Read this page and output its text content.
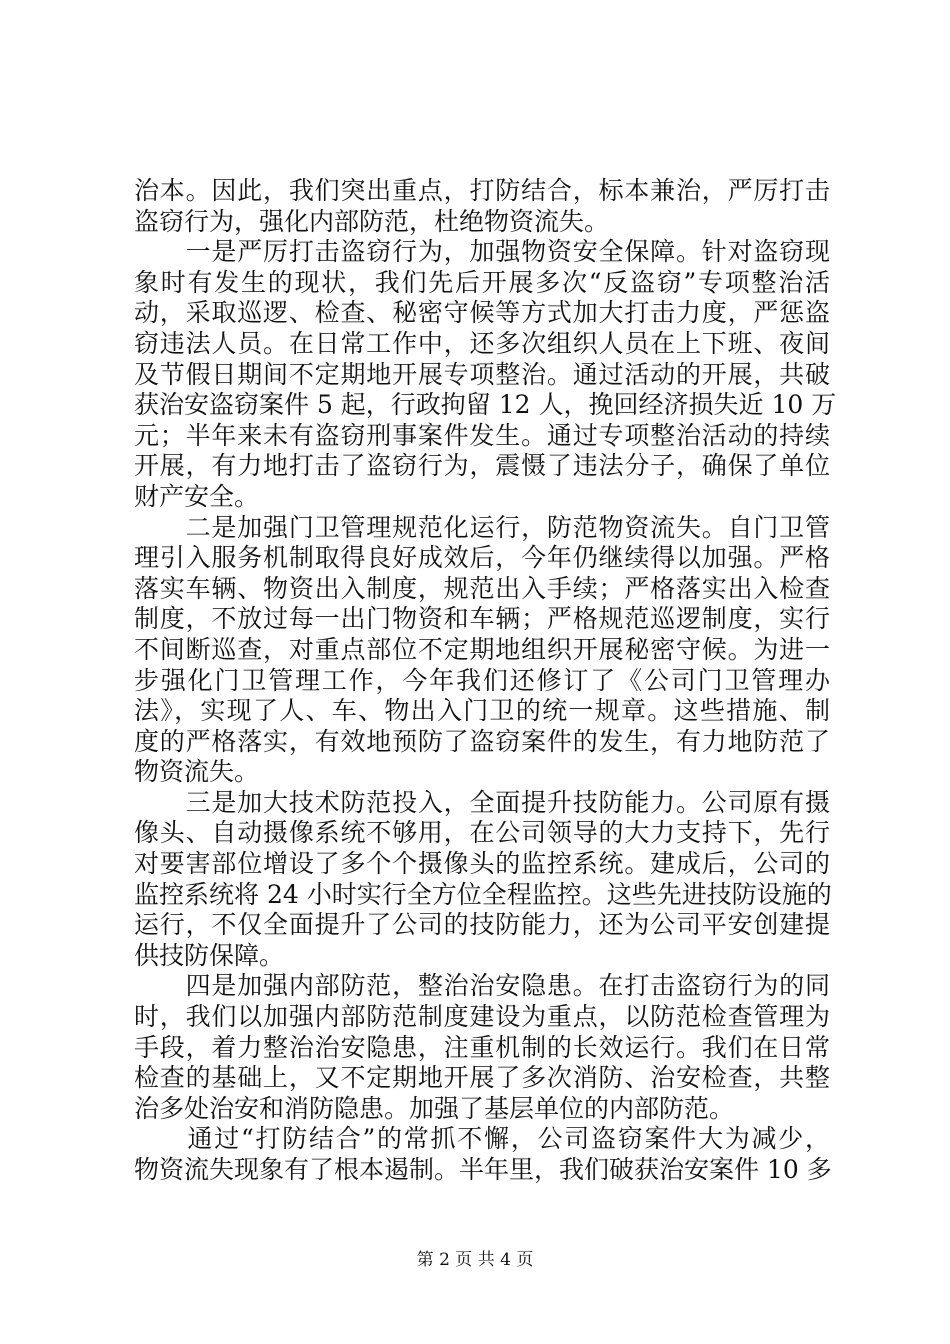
治本。因此，我们突出重点，打防结合，标本兼治，严厉打击
盗窃行为，强化内部防范，杜绝物资流失。
　　一是严厉打击盗窃行为，加强物资安全保障。针对盗窃现
象时有发生的现状，我们先后开展多次“反盗窃”专项整治活
动，采取巡逻、检查、秘密守候等方式加大打击力度，严惩盗
窃违法人员。在日常工作中，还多次组织人员在上下班、夜间
及节假日期间不定期地开展专项整治。通过活动的开展，共破
获治安盗窃案件 5 起，行政拘留 12 人，挽回经济损失近 10 万
元；半年来未有盗窃刑事案件发生。通过专项整治活动的持续
开展，有力地打击了盗窃行为，震慑了违法分子，确保了单位
财产安全。
　　二是加强门卫管理规范化运行，防范物资流失。自门卫管
理引入服务机制取得良好成效后，今年仍继续得以加强。严格
落实车辆、物资出入制度，规范出入手续；严格落实出入检查
制度，不放过每一出门物资和车辆；严格规范巡逻制度，实行
不间断巡查，对重点部位不定期地组织开展秘密守候。为进一
步强化门卫管理工作，今年我们还修订了《公司门卫管理办
法》，实现了人、车、物出入门卫的统一规章。这些措施、制
度的严格落实，有效地预防了盗窃案件的发生，有力地防范了
物资流失。
　　三是加大技术防范投入，全面提升技防能力。公司原有摄
像头、自动摄像系统不够用，在公司领导的大力支持下，先行
对要害部位增设了多个个摄像头的监控系统。建成后，公司的
监控系统将 24 小时实行全方位全程监控。这些先进技防设施的
运行，不仅全面提升了公司的技防能力，还为公司平安创建提
供技防保障。
　　四是加强内部防范，整治治安隐患。在打击盗窃行为的同
时，我们以加强内部防范制度建设为重点，以防范检查管理为
手段，着力整治治安隐患，注重机制的长效运行。我们在日常
检查的基础上，又不定期地开展了多次消防、治安检查，共整
治多处治安和消防隐患。加强了基层单位的内部防范。
　　通过“打防结合”的常抓不懈，公司盗窃案件大为减少，
物资流失现象有了根本遏制。半年里，我们破获治安案件 10 多
第 2 页 共 4 页
